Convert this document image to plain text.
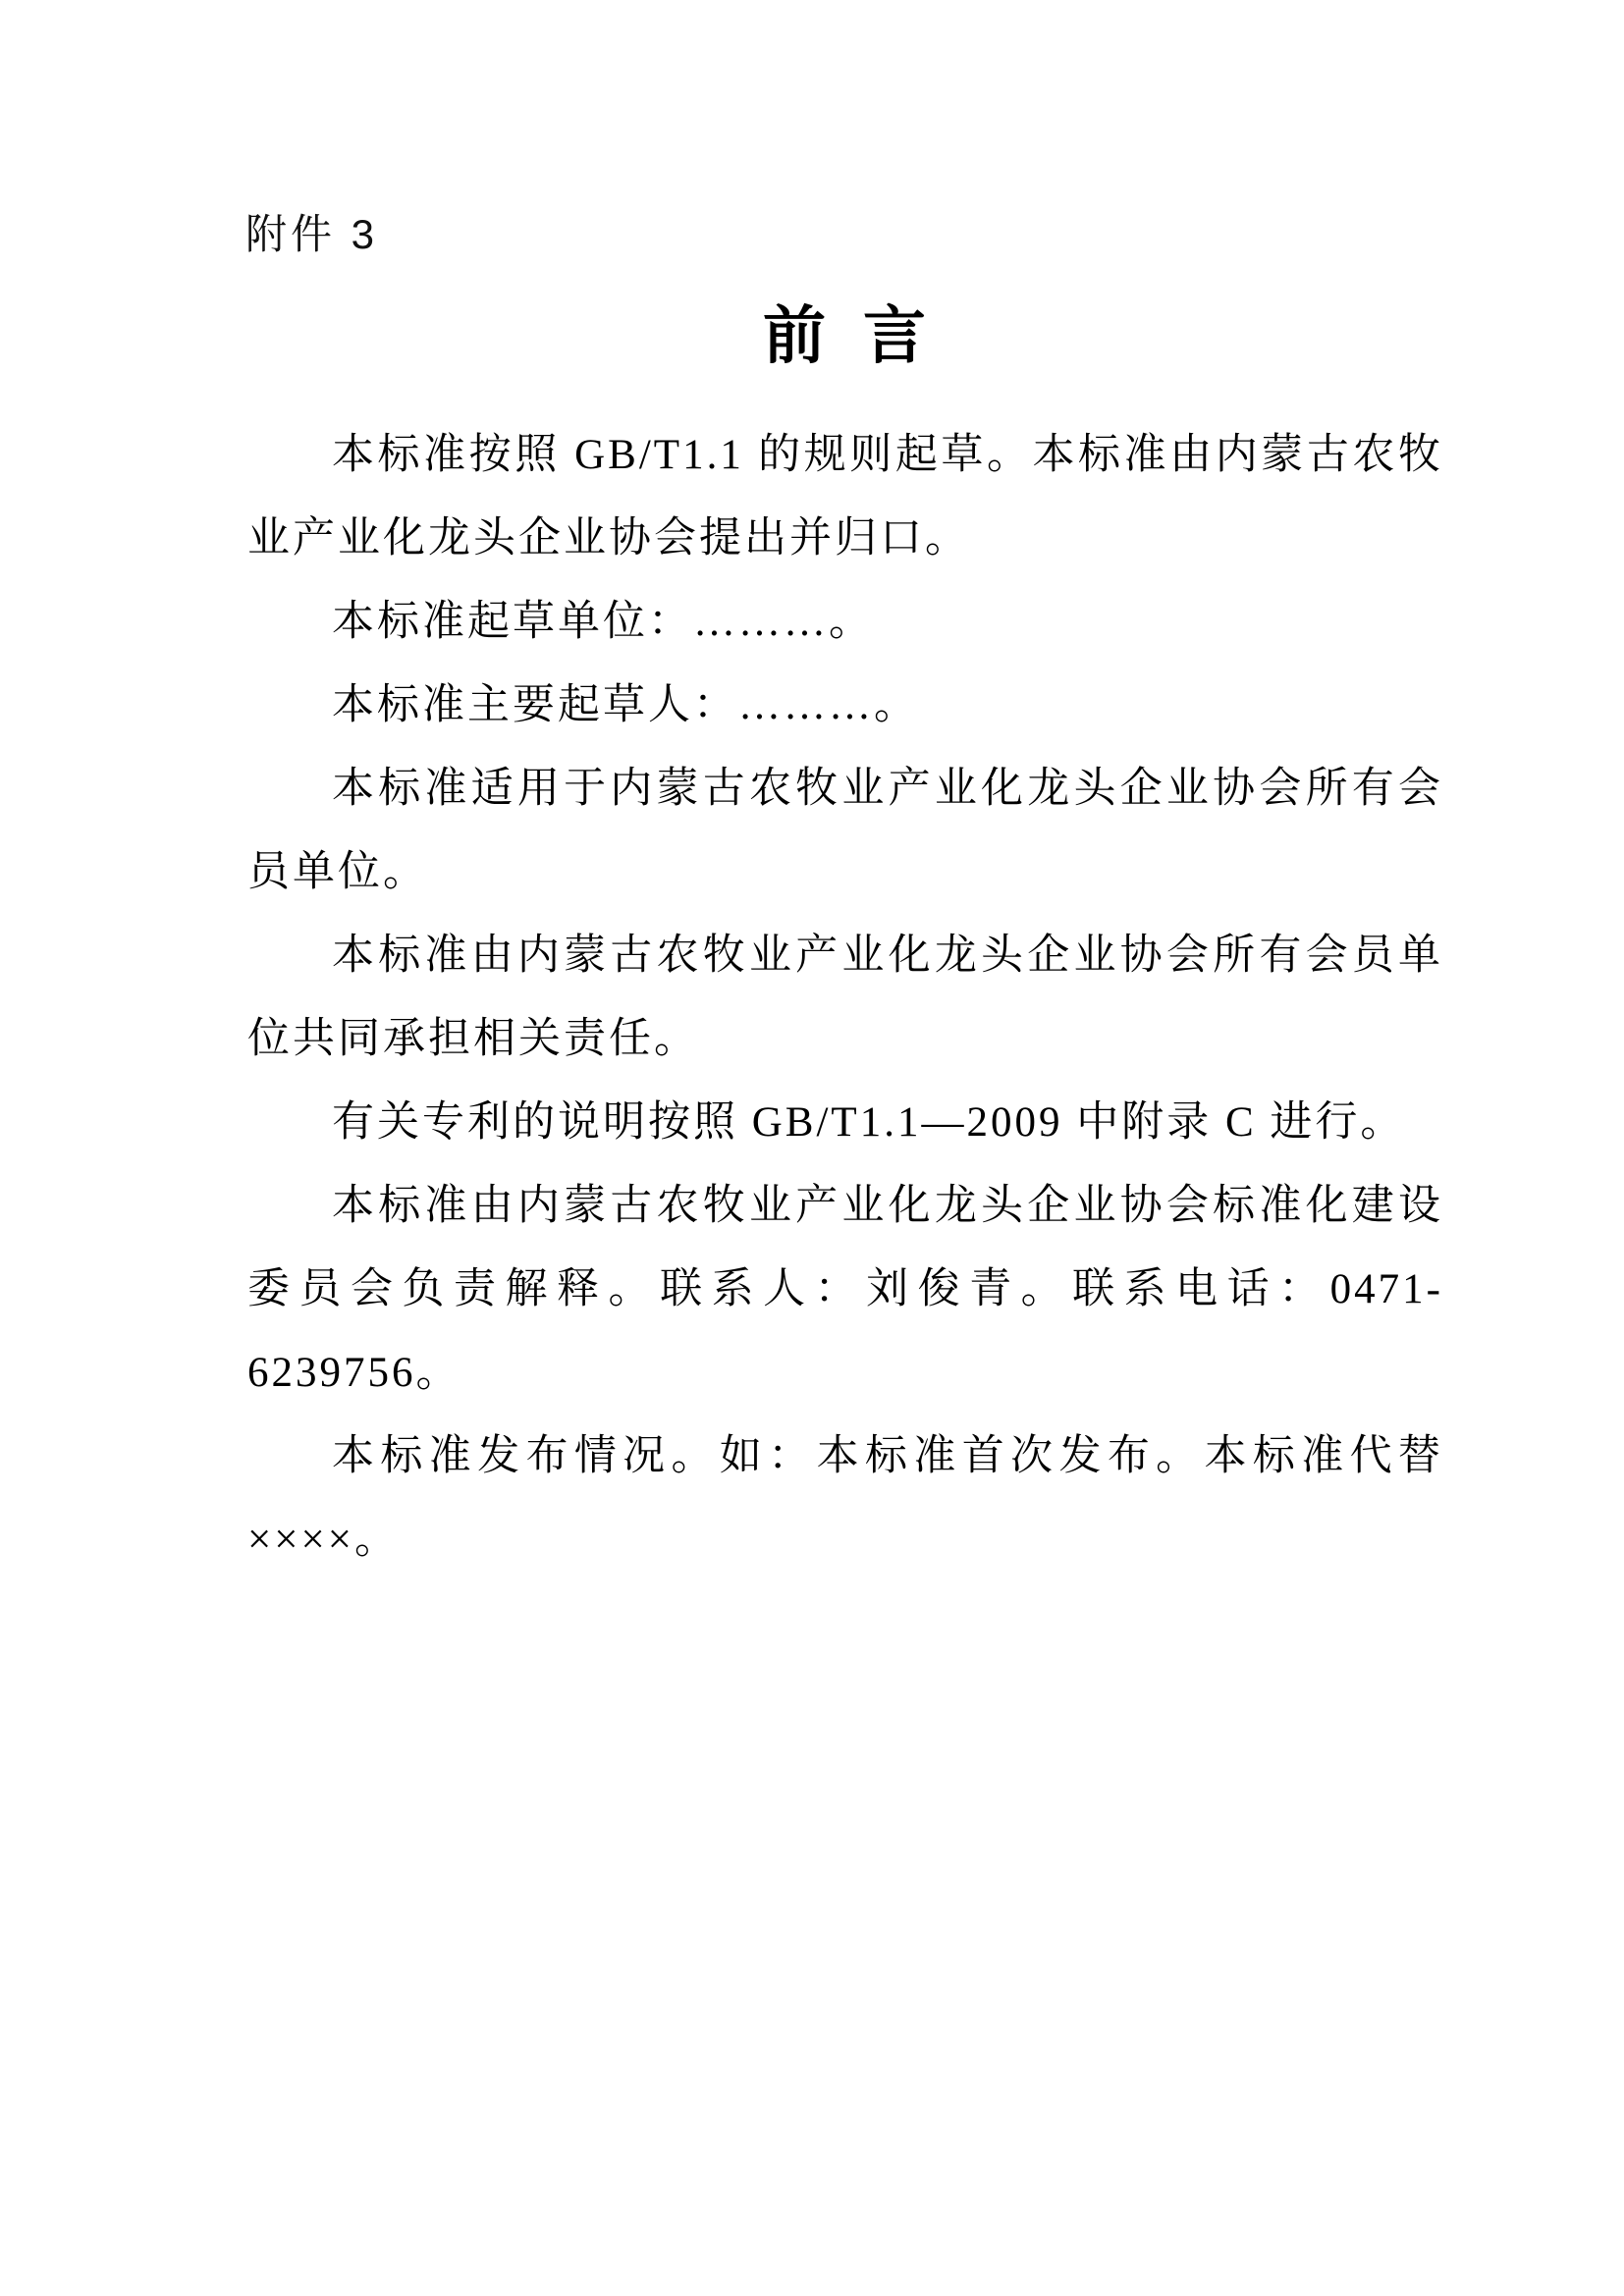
附件 3
前 言

本标准按照 GB/T1.1 的规则起草。本标准由内蒙古农牧业产业化龙头企业协会提出并归口。

本标准起草单位：………。

本标准主要起草人：………。

本标准适用于内蒙古农牧业产业化龙头企业协会所有会员单位。

本标准由内蒙古农牧业产业化龙头企业协会所有会员单位共同承担相关责任。

有关专利的说明按照 GB/T1.1—2009 中附录 C 进行。

本标准由内蒙古农牧业产业化龙头企业协会标准化建设委员会负责解释。联系人：刘俊青。联系电话：0471-6239756。

本标准发布情况。如：本标准首次发布。本标准代替××××。
